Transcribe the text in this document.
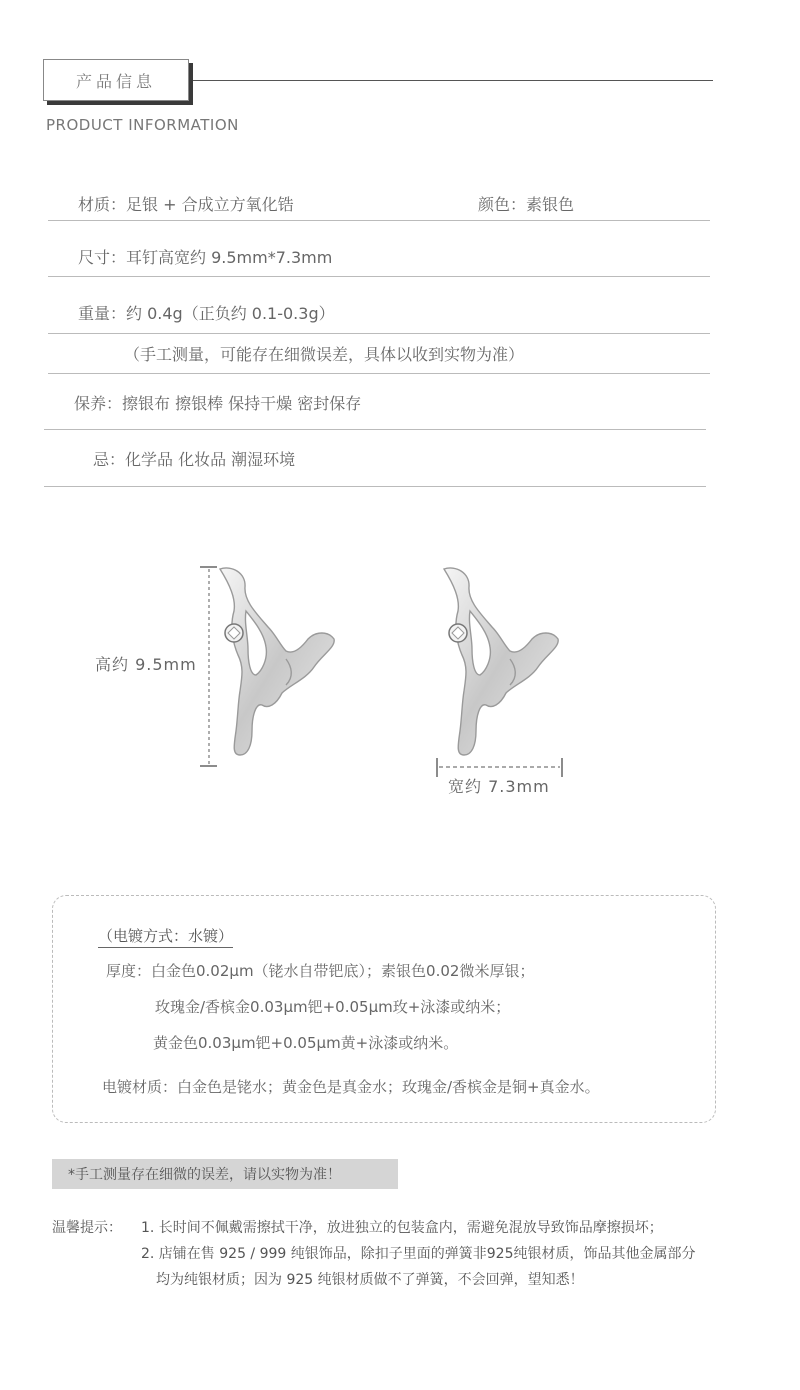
产品信息
PRODUCT INFORMATION
材质：足银 + 合成立方氧化锆	颜色：素银色
尺寸：耳钉高宽约 9.5mm*7.3mm
重量：约 0.4g（正负约 0.1-0.3g）
（手工测量，可能存在细微误差，具体以收到实物为准）
保养：擦银布 擦银棒 保持干燥 密封保存
忌：化学品 化妆品 潮湿环境
高约 9.5mm
宽约 7.3mm
（电镀方式：水镀）
厚度：白金色0.02μm（铑水自带钯底）；素银色0.02微米厚银；
玫瑰金/香槟金0.03μm钯+0.05μm玫+泳漆或纳米；
黄金色0.03μm钯+0.05μm黄+泳漆或纳米。
电镀材质：白金色是铑水；黄金色是真金水；玫瑰金/香槟金是铜+真金水。
*手工测量存在细微的误差，请以实物为准！
温馨提示： 1. 长时间不佩戴需擦拭干净，放进独立的包装盒内，需避免混放导致饰品摩擦损坏；
2. 店铺在售 925 / 999 纯银饰品，除扣子里面的弹簧非925纯银材质，饰品其他金属部分
均为纯银材质；因为 925 纯银材质做不了弹簧，不会回弹，望知悉！
